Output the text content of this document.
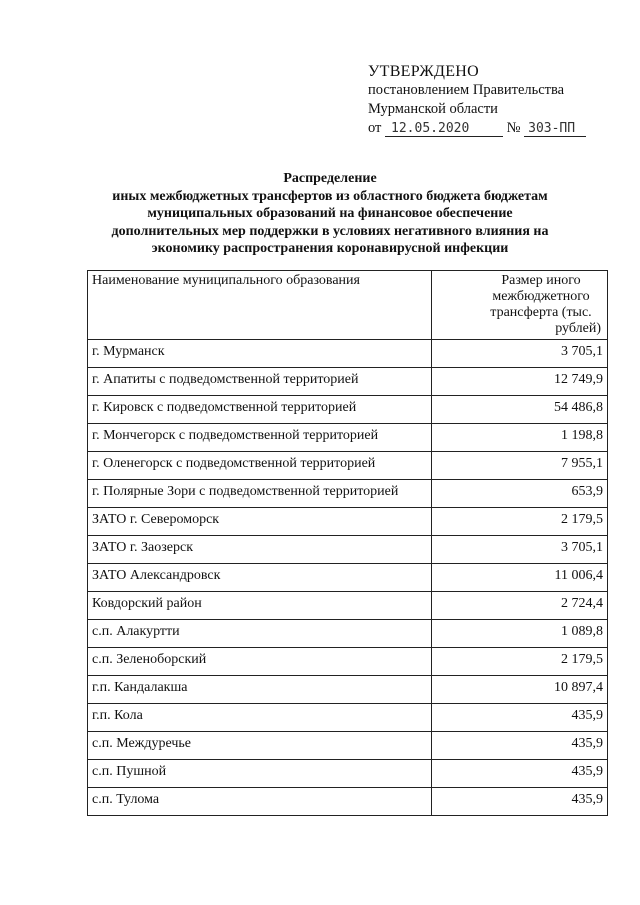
УТВЕРЖДЕНО
постановлением Правительства
Мурманской области
от 12.05.2020	№ 303-ПП
Распределение
иных межбюджетных трансфертов из областного бюджета бюджетам
муниципальных образований на финансовое обеспечение
дополнительных мер поддержки в условиях негативного влияния на
экономику распространения коронавирусной инфекции
Наименование муниципального образования	Размер иного
межбюджетного
трансферта (тыс.

рублей)

г. Мурманск	3 705,1
г. Апатиты с подведомственной территорией	12 749,9
г. Кировск с подведомственной территорией	54 486,8
г. Мончегорск с подведомственной территорией	1 198,8
г. Оленегорск с подведомственной территорией	7 955,1
г. Полярные Зори с подведомственной территорией	653,9
ЗАТО г. Североморск	2 179,5
ЗАТО г. Заозерск	3 705,1
ЗАТО Александровск	11 006,4
Ковдорский район	2 724,4
с.п. Алакуртти	1 089,8
с.п. Зеленоборский	2 179,5
г.п. Кандалакша	10 897,4
г.п. Кола	435,9
с.п. Междуречье	435,9
с.п. Пушной	435,9
с.п. Тулома	435,9
